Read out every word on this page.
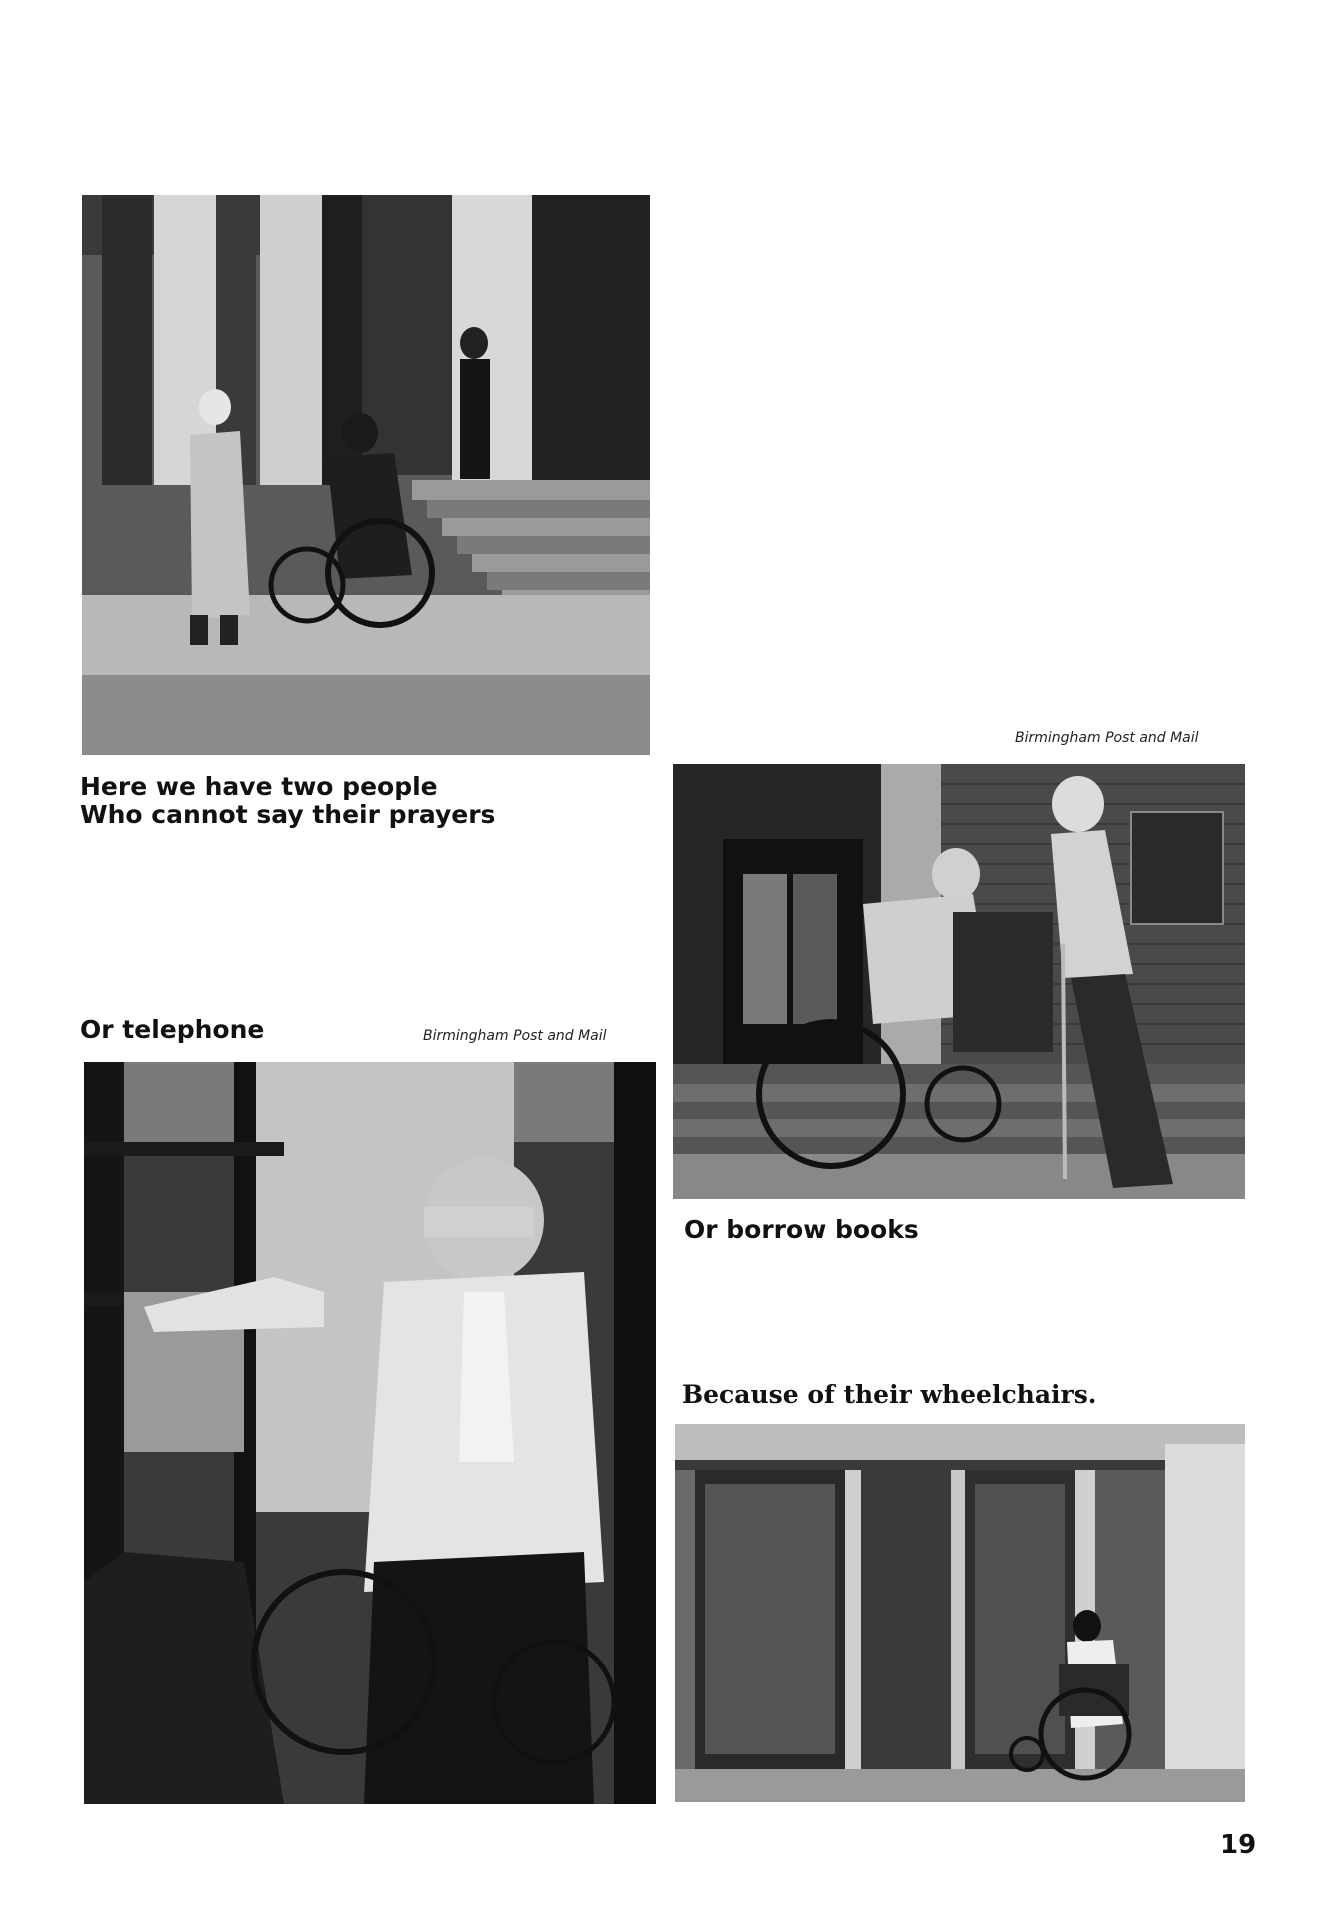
Here we have two people

Who cannot say their prayers

Birmingham Post and Mail

Or telephone	Birmingham Post and Mail

Or borrow books

Because of their wheelchairs.

19
